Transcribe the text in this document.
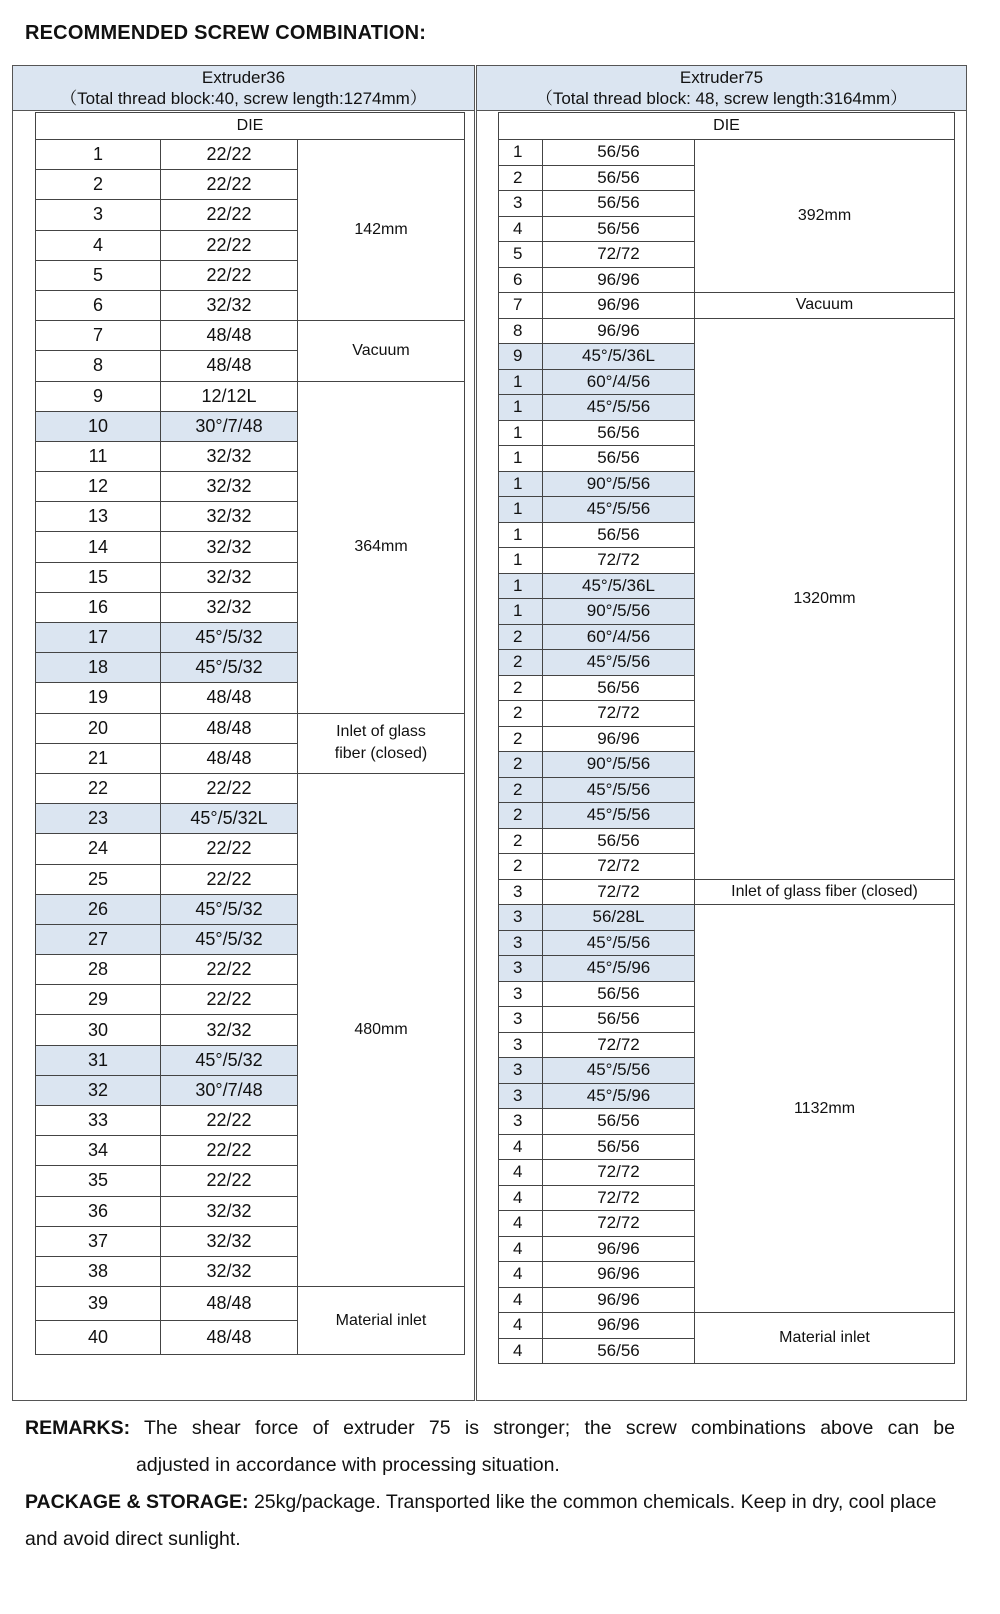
RECOMMENDED SCREW COMBINATION:
Extruder36
（Total thread block:40, screw length:1274mm）
DIE		
1	22/22	142mm
2	22/22	
3	22/22	
4	22/22	
5	22/22	
6	32/32	
7	48/48	Vacuum
8	48/48	
9	12/12L	364mm
10	30°/7/48	
11	32/32	
12	32/32	
13	32/32	
14	32/32	
15	32/32	
16	32/32	
17	45°/5/32	
18	45°/5/32	
19	48/48	
20	48/48	Inlet of glass fiber (closed)
21	48/48	
22	22/22	480mm
23	45°/5/32L	
24	22/22	
25	22/22	
26	45°/5/32	
27	45°/5/32	
28	22/22	
29	22/22	
30	32/32	
31	45°/5/32	
32	30°/7/48	
33	22/22	
34	22/22	
35	22/22	
36	32/32	
37	32/32	
38	32/32	
39	48/48	Material inlet
40	48/48	
Extruder75
（Total thread block: 48, screw length:3164mm）
DIE		
1	56/56	392mm
2	56/56	
3	56/56	
4	56/56	
5	72/72	
6	96/96	
7	96/96	Vacuum
8	96/96	1320mm
9	45°/5/36L	
1	60°/4/56	
1	45°/5/56	
1	56/56	
1	56/56	
1	90°/5/56	
1	45°/5/56	
1	56/56	
1	72/72	
1	45°/5/36L	
1	90°/5/56	
2	60°/4/56	
2	45°/5/56	
2	56/56	
2	72/72	
2	96/96	
2	90°/5/56	
2	45°/5/56	
2	45°/5/56	
2	56/56	
2	72/72	
3	72/72	Inlet of glass fiber (closed)
3	56/28L	1132mm
3	45°/5/56	
3	45°/5/96	
3	56/56	
3	56/56	
3	72/72	
3	45°/5/56	
3	45°/5/96	
3	56/56	
4	56/56	
4	72/72	
4	72/72	
4	72/72	
4	96/96	
4	96/96	
4	96/96	
4	96/96	Material inlet
4	56/56	
REMARKS: The shear force of extruder 75 is stronger; the screw combinations above can be
adjusted in accordance with processing situation.
PACKAGE & STORAGE: 25kg/package. Transported like the common chemicals. Keep in dry, cool place and avoid direct sunlight.
